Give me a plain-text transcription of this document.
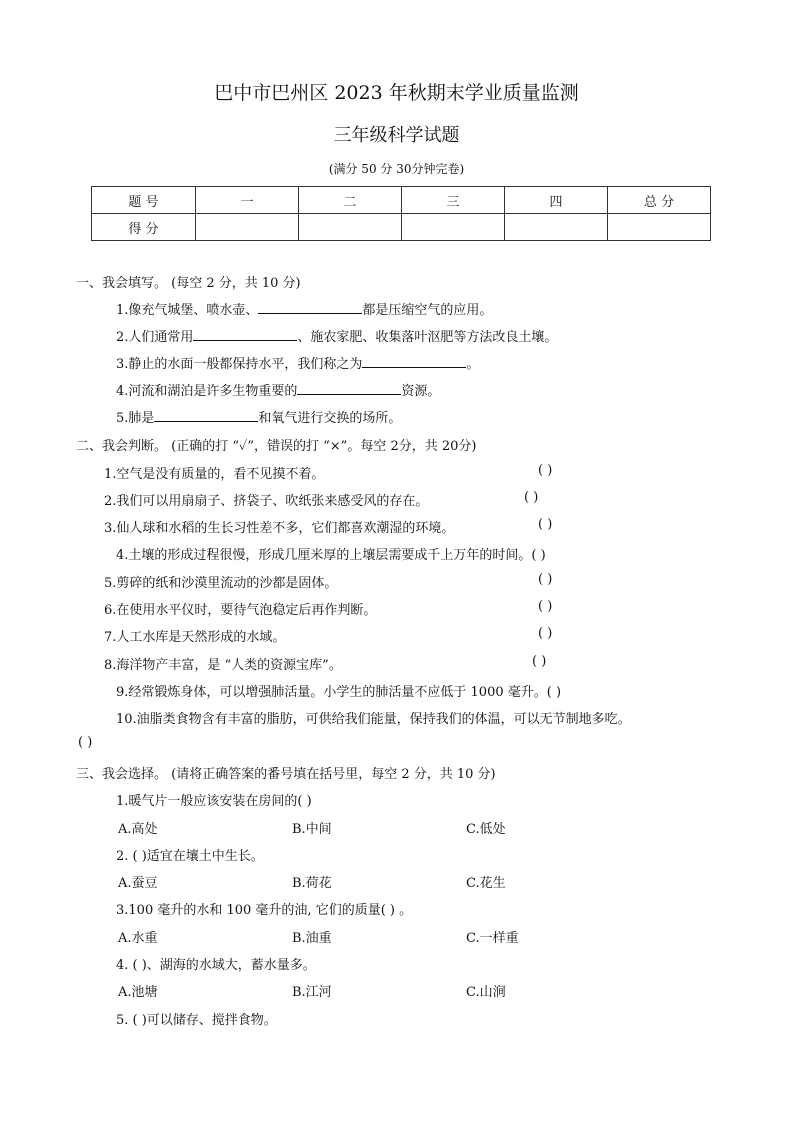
巴中市巴州区 2023 年秋期末学业质量监测
三年级科学试题
(满分 50 分 30分钟完卷)
题 号	一	二	三	四	总 分
得 分					
一、我会填写。 (每空 2 分，共 10 分)
1.像充气城堡、喷水壶、	都是压缩空气的应用。
2.人们通常用	、施农家肥、收集落叶沤肥等方法改良土壤。
3.静止的水面一般都保持水平，我们称之为	。
4.河流和湖泊是许多生物重要的	资源。
5.肺是	和氧气进行交换的场所。
二、我会判断。 (正确的打 “✓”，错误的打 “×”。每空 2分，共 20分)
1.空气是没有质量的，看不见摸不着。	( )
2.我们可以用扇扇子、挤袋子、吹纸张来感受风的存在。	( )
3.仙人球和水稻的生长习性差不多，它们都喜欢潮湿的环境。	( )
4.土壤的形成过程很慢，形成几厘米厚的上壤层需要成千上万年的时间。( )
5.剪碎的纸和沙漠里流动的沙都是固体。	( )
6.在使用水平仪时，要待气泡稳定后再作判断。	( )
7.人工水库是天然形成的水域。	( )
8.海洋物产丰富，是 “人类的资源宝库”。	( )
9.经常锻炼身体，可以增强肺活量。小学生的肺活量不应低于 1000 毫升。( )
10.油脂类食物含有丰富的脂肪，可供给我们能量，保持我们的体温，可以无节制地多吃。
( )
三、我会选择。 (请将正确答案的番号填在括号里，每空 2 分，共 10 分)
1.暖气片一般应该安装在房间的( )
A.高处	B.中间	C.低处
2. ( )适宜在壤土中生长。
A.蚕豆	B.荷花	C.花生
3.100 毫升的水和 100 毫升的油, 它们的质量( ) 。
A.水重	B.油重	C.一样重
4. ( )、湖海的水域大，蓄水量多。
A.池塘	B.江河	C.山涧
5. ( )可以储存、搅拌食物。
